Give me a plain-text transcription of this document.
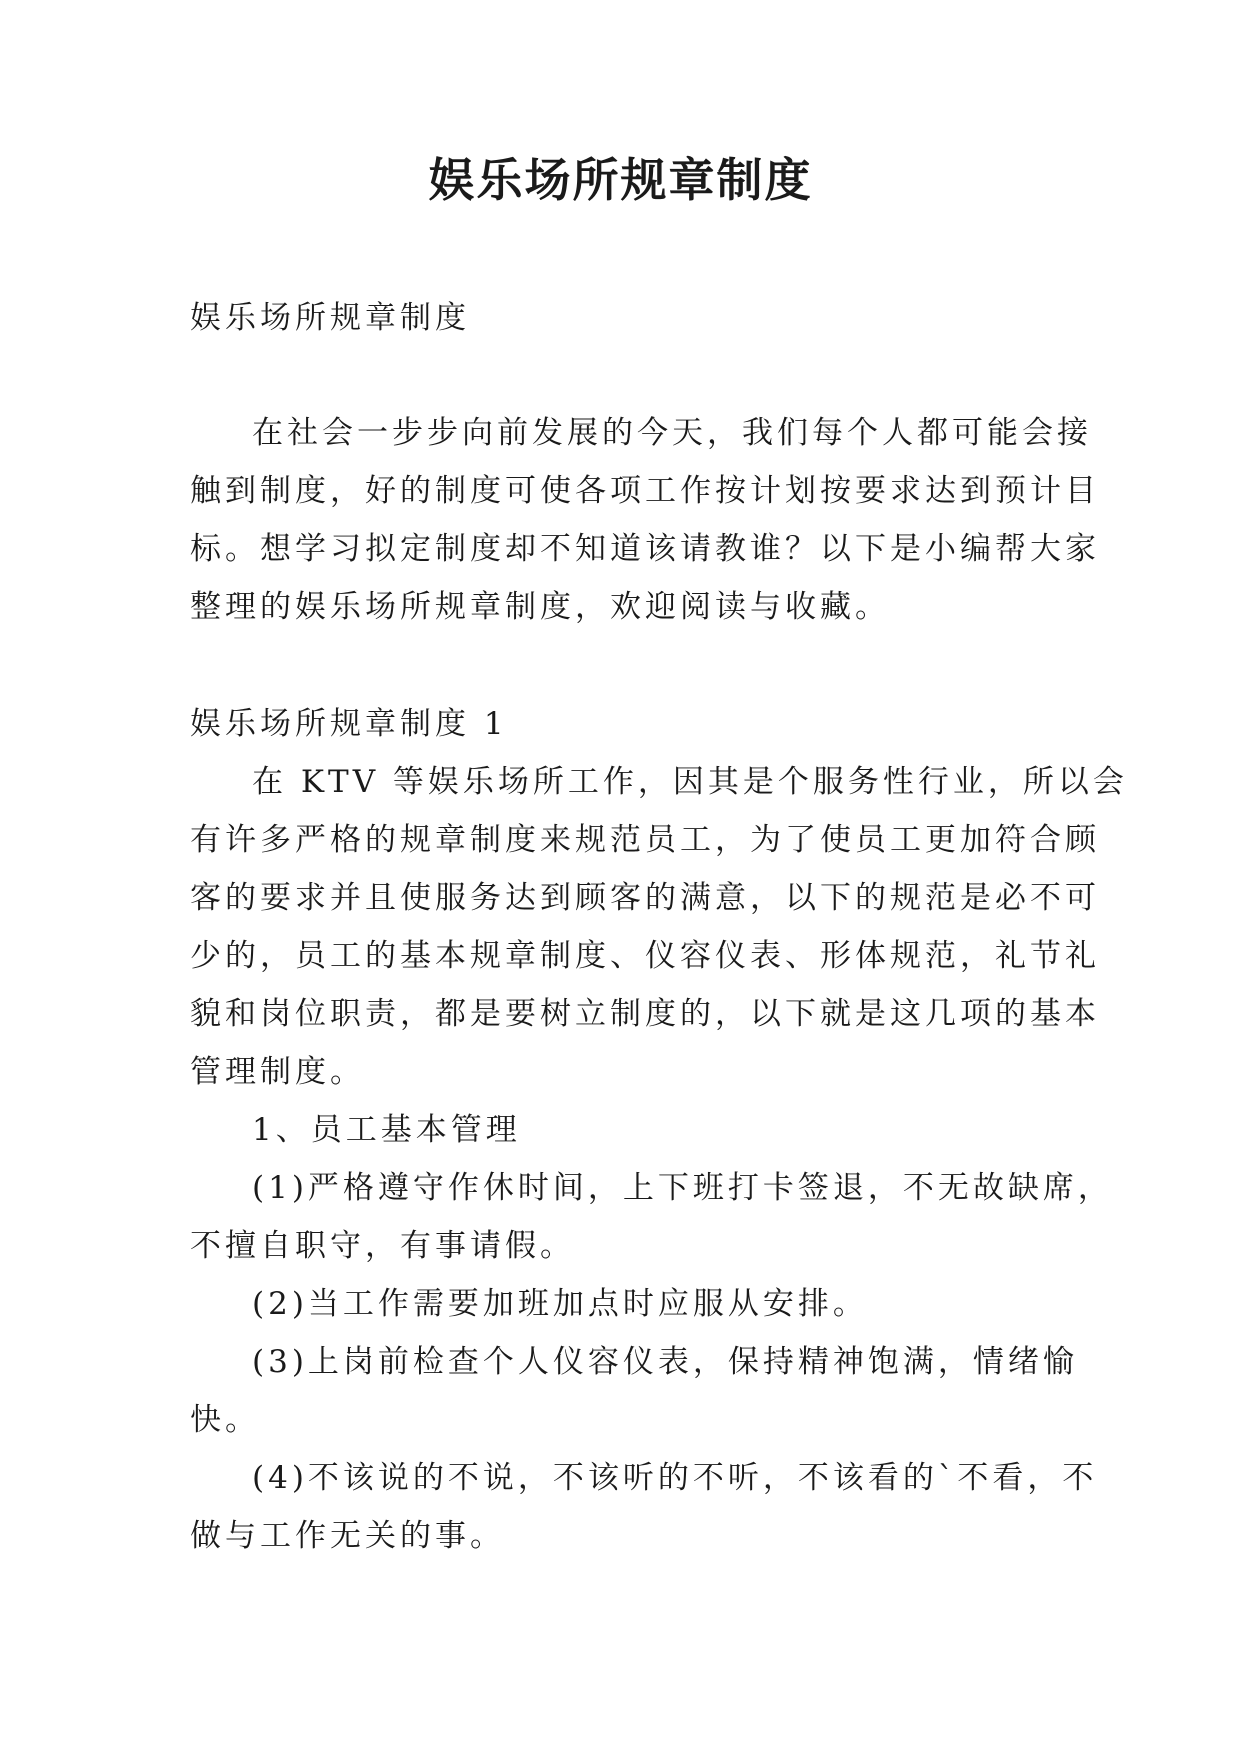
娱乐场所规章制度

娱乐场所规章制度

在社会一步步向前发展的今天，我们每个人都可能会接
触到制度，好的制度可使各项工作按计划按要求达到预计目
标。想学习拟定制度却不知道该请教谁？以下是小编帮大家
整理的娱乐场所规章制度，欢迎阅读与收藏。

娱乐场所规章制度 1

在 KTV 等娱乐场所工作，因其是个服务性行业，所以会
有许多严格的规章制度来规范员工，为了使员工更加符合顾
客的要求并且使服务达到顾客的满意，以下的规范是必不可
少的，员工的基本规章制度、仪容仪表、形体规范，礼节礼
貌和岗位职责，都是要树立制度的，以下就是这几项的基本
管理制度。
1、员工基本管理
(1)严格遵守作休时间，上下班打卡签退，不无故缺席，
不擅自职守，有事请假。
(2)当工作需要加班加点时应服从安排。
(3)上岗前检查个人仪容仪表，保持精神饱满，情绪愉
快。
(4)不该说的不说，不该听的不听，不该看的`不看，不
做与工作无关的事。
